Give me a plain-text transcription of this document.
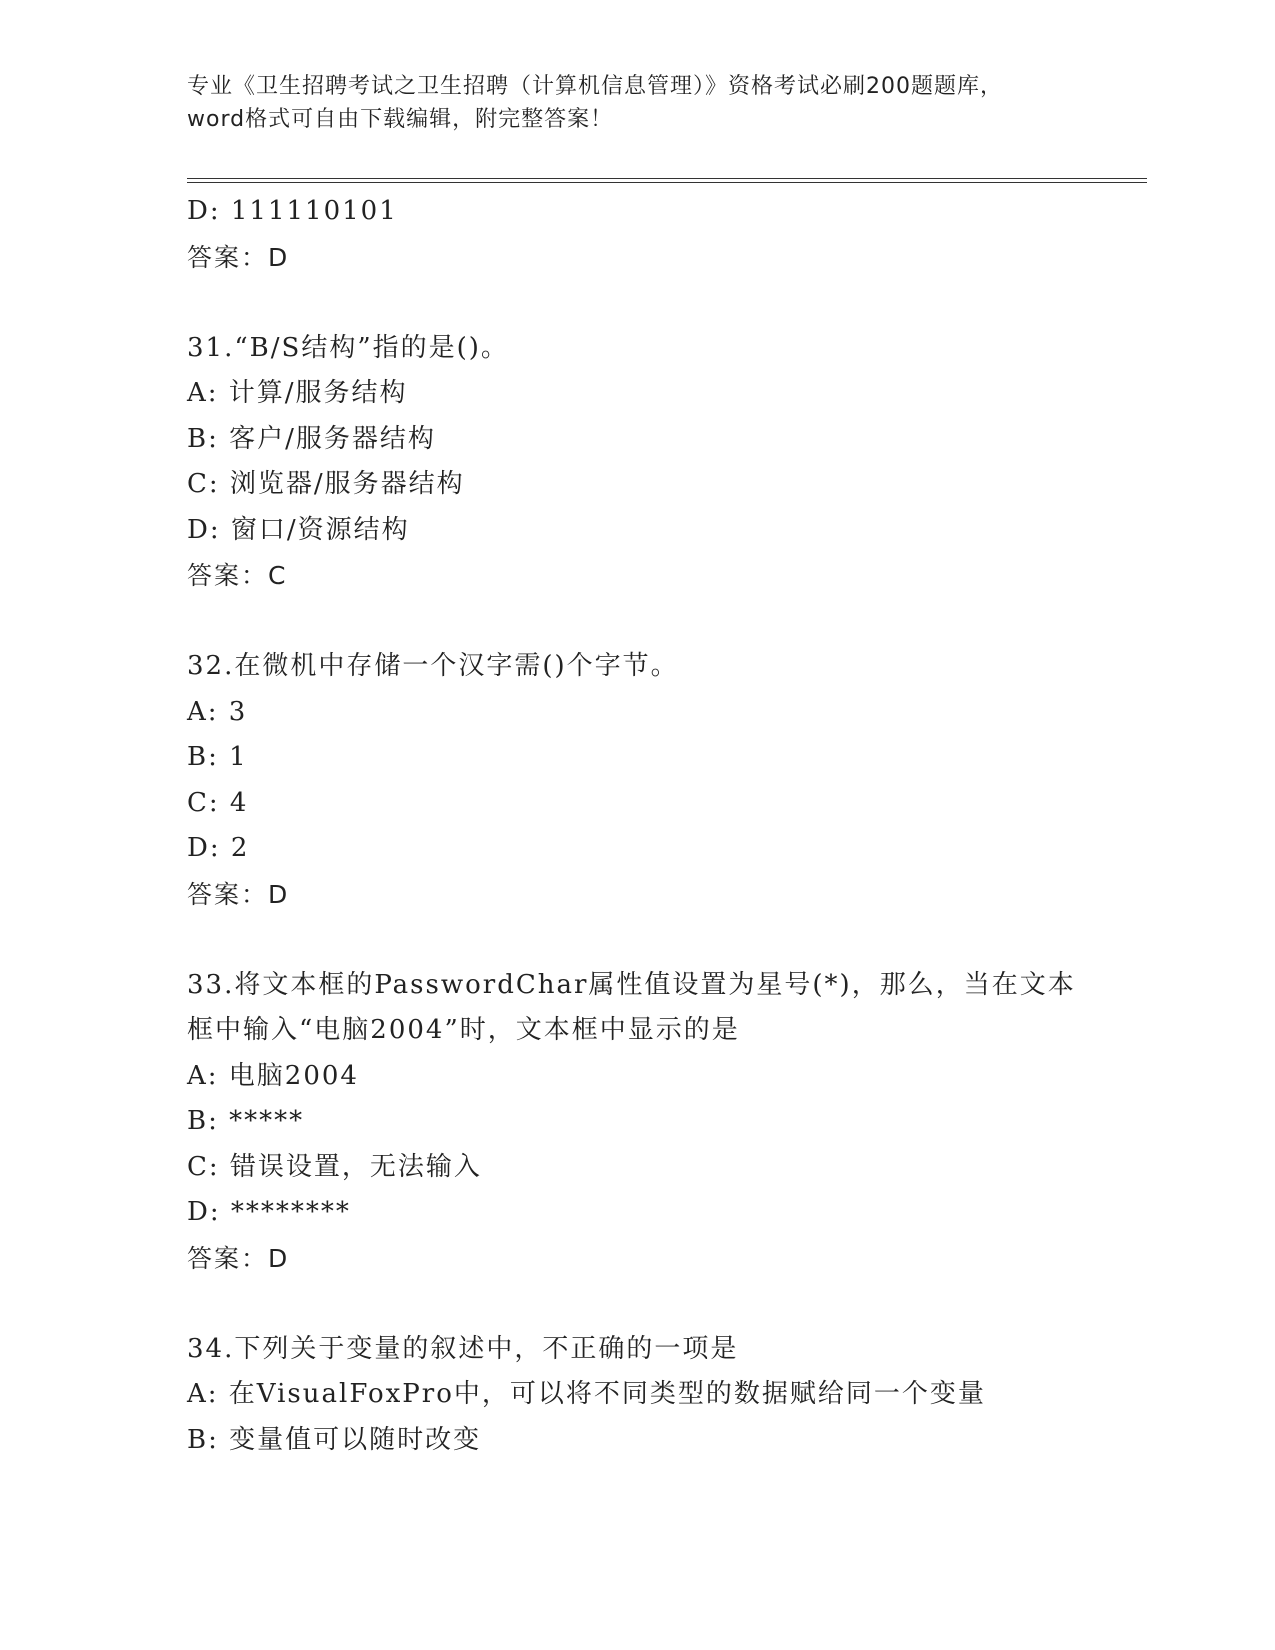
专业《卫生招聘考试之卫生招聘（计算机信息管理）》资格考试必刷200题题库，
word格式可自由下载编辑，附完整答案！
D: 111110101
答案：D
31.“B/S结构”指的是()。
A: 计算/服务结构
B: 客户/服务器结构
C: 浏览器/服务器结构
D: 窗口/资源结构
答案：C
32.在微机中存储一个汉字需()个字节。
A: 3
B: 1
C: 4
D: 2
答案：D
33.将文本框的PasswordChar属性值设置为星号(*)，那么，当在文本
框中输入“电脑2004”时，文本框中显示的是
A: 电脑2004
B: *****
C: 错误设置，无法输入
D: ********
答案：D
34.下列关于变量的叙述中，不正确的一项是
A: 在VisualFoxPro中，可以将不同类型的数据赋给同一个变量
B: 变量值可以随时改变
